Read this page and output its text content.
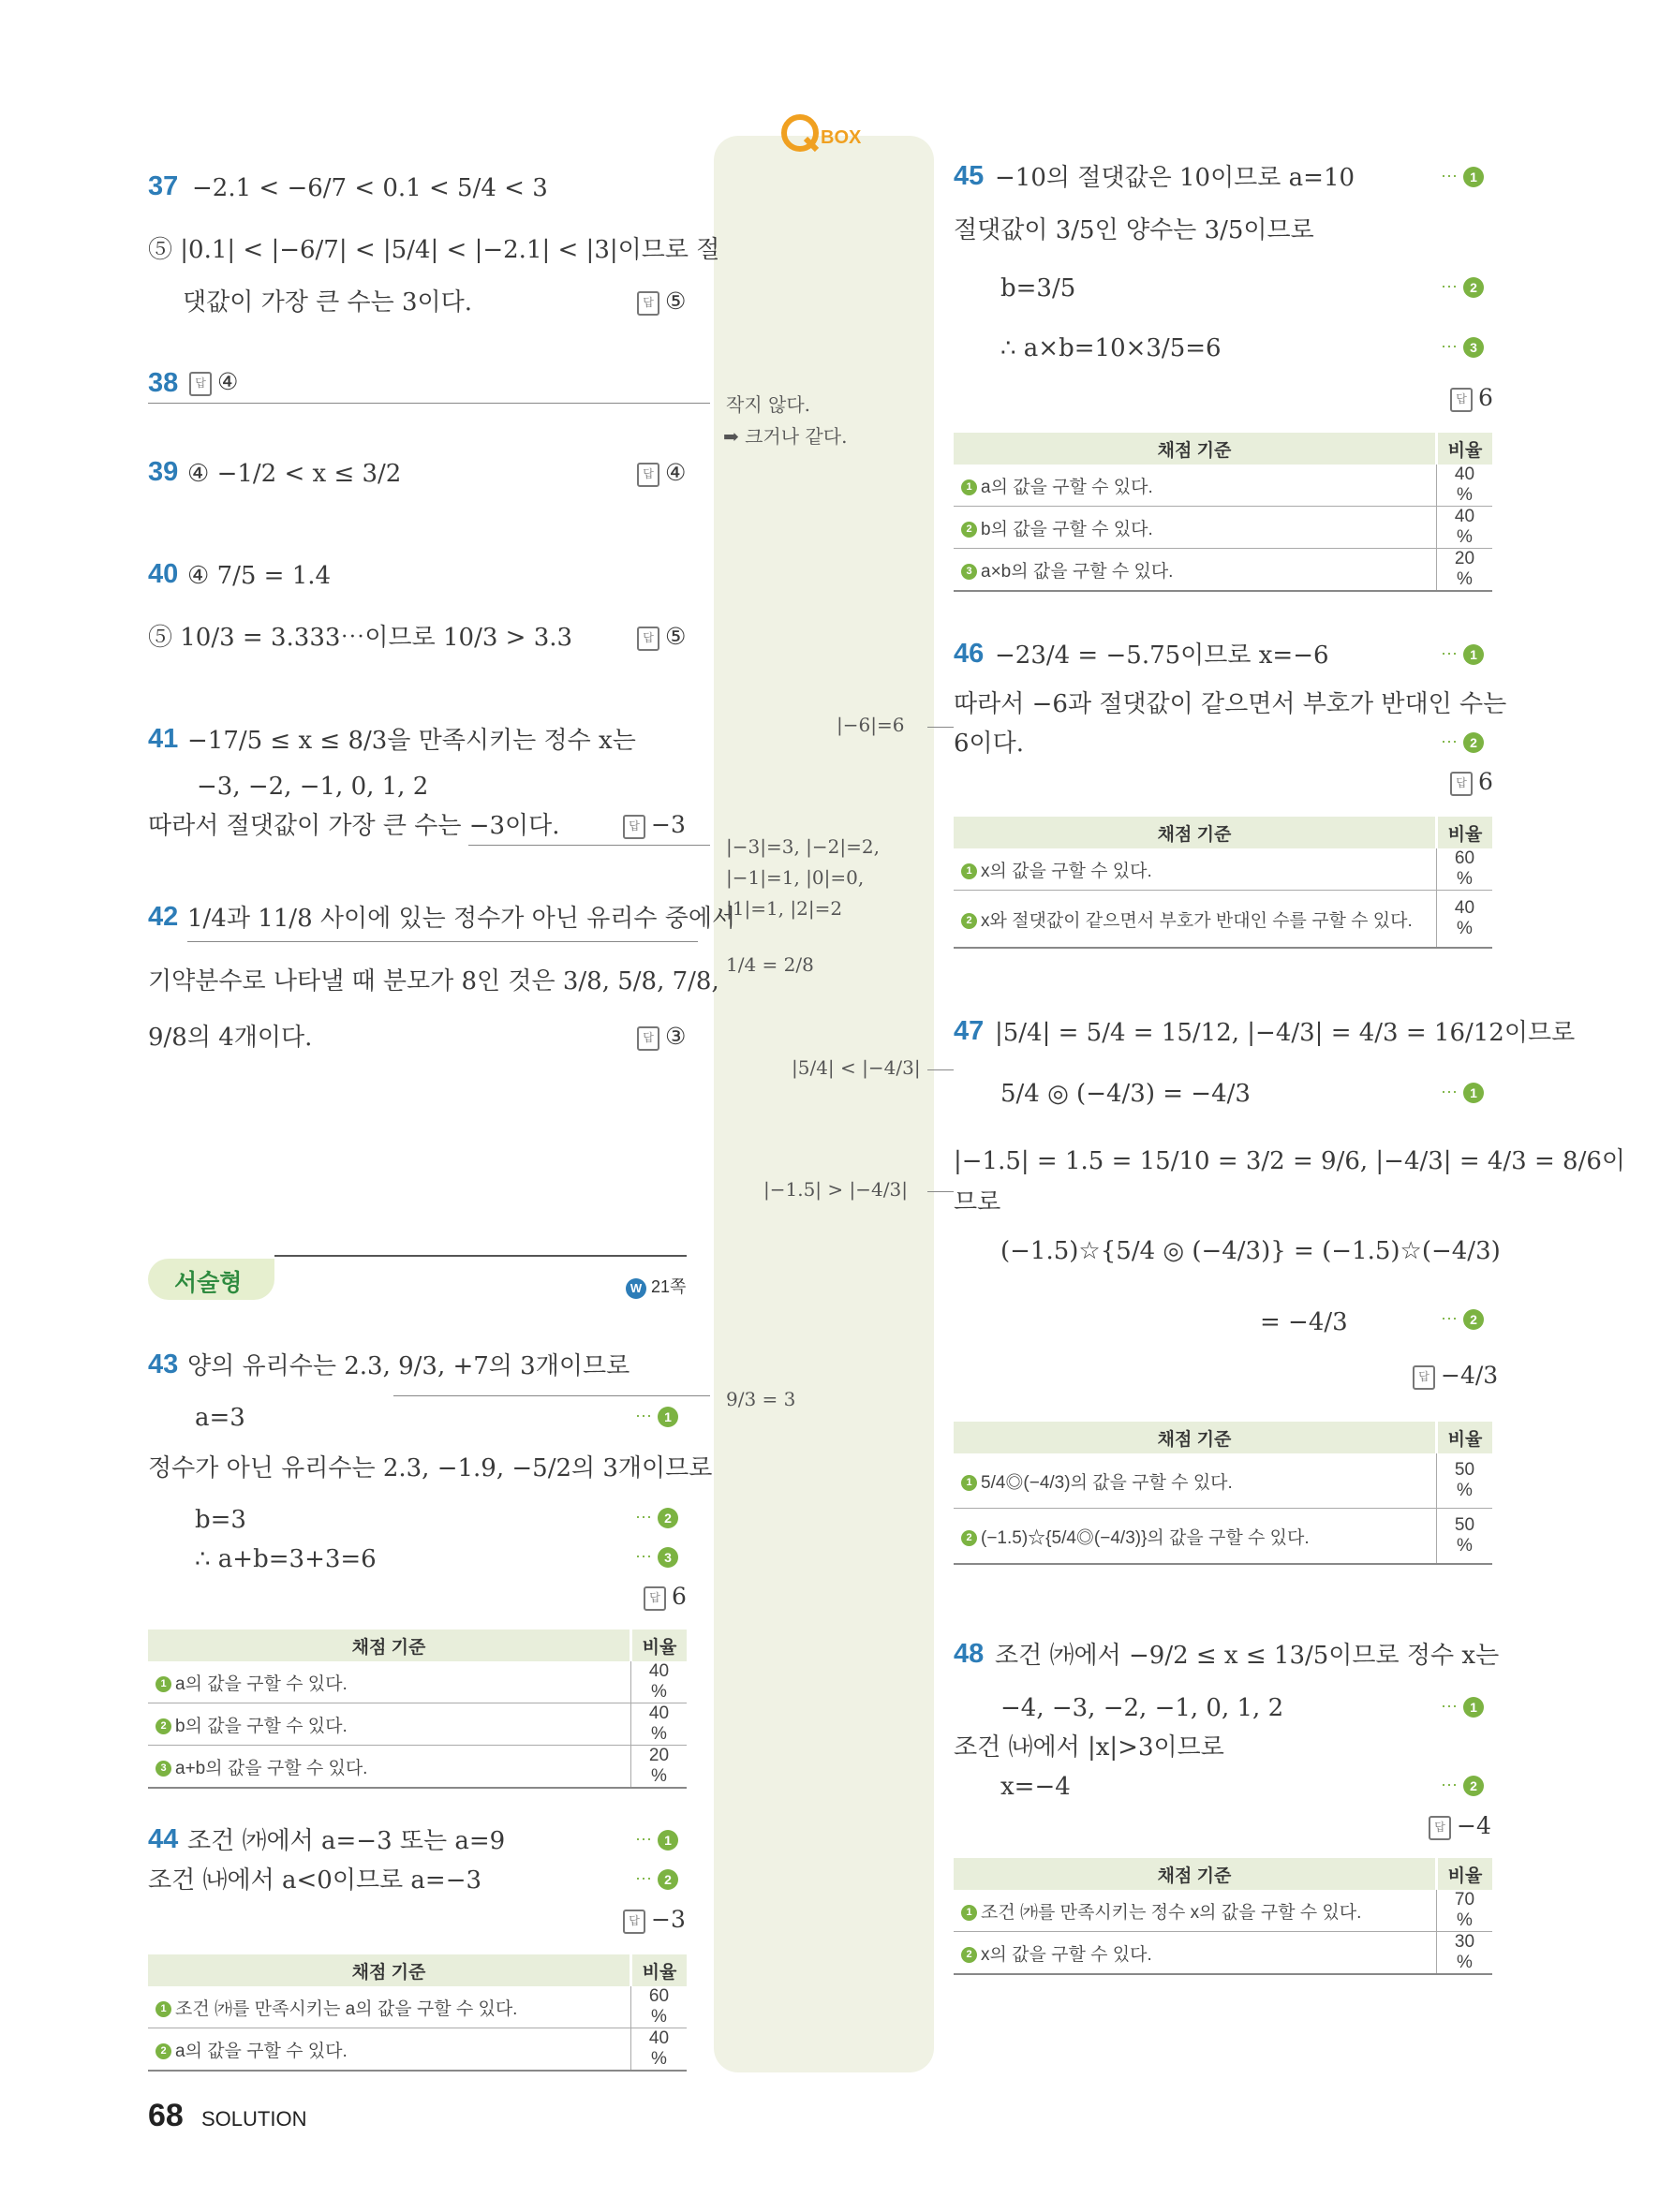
BOX
37 −2.1 < −6/7 < 0.1 < 5/4 < 3
⑤ |0.1| < |−6/7| < |5/4| < |−2.1| < |3|이므로 절
댓값이 가장 큰 수는 3이다.	답 ⑤
38	답 ④
39 ④ −1/2 < x ≤ 3/2	답 ④
40 ④ 7/5 = 1.4
⑤ 10/3 = 3.333⋯이므로 10/3 > 3.3	답 ⑤
41 −17/5 ≤ x ≤ 8/3을 만족시키는 정수 x는
−3, −2, −1, 0, 1, 2
따라서 절댓값이 가장 큰 수는 −3이다.	답 −3
42 1/4과 11/8 사이에 있는 정수가 아닌 유리수 중에서
기약분수로 나타낼 때 분모가 8인 것은 3/8, 5/8, 7/8,
9/8의 4개이다.	답 ③
서술형	W 21쪽
43 양의 유리수는 2.3, 9/3, +7의 3개이므로
a=3	⋯ 1
정수가 아닌 유리수는 2.3, −1.9, −5/2의 3개이므로
b=3	⋯ 2
∴ a+b=3+3=6	⋯ 3
답 6
채점 기준	비율
1 a의 값을 구할 수 있다.	40 %
2 b의 값을 구할 수 있다.	40 %
3 a+b의 값을 구할 수 있다.	20 %
44 조건 ㈎에서 a=−3 또는 a=9	⋯ 1
조건 ㈏에서 a<0이므로 a=−3	⋯ 2
답 −3
채점 기준	비율
1 조건 ㈎를 만족시키는 a의 값을 구할 수 있다.	60 %
2 a의 값을 구할 수 있다.	40 %
68 SOLUTION
작지 않다.
➡ 크거나 같다.
|−6|=6
|−3|=3, |−2|=2,
|−1|=1, |0|=0,
|1|=1, |2|=2
1/4 = 2/8
|5/4| < |−4/3|
|−1.5| > |−4/3|
9/3 = 3
45 −10의 절댓값은 10이므로 a=10	⋯ 1
절댓값이 3/5인 양수는 3/5이므로
b=3/5	⋯ 2
∴ a×b=10×3/5=6	⋯ 3
답 6
채점 기준	비율
1 a의 값을 구할 수 있다.	40 %
2 b의 값을 구할 수 있다.	40 %
3 a×b의 값을 구할 수 있다.	20 %
46 −23/4 = −5.75이므로 x=−6	⋯ 1
따라서 −6과 절댓값이 같으면서 부호가 반대인 수는
6이다.	⋯ 2
답 6
채점 기준	비율
1 x의 값을 구할 수 있다.	60 %
2 x와 절댓값이 같으면서 부호가 반대인 수를 구할 수 있다.	40 %
47 |5/4| = 5/4 = 15/12, |−4/3| = 4/3 = 16/12이므로
5/4 ◎ (−4/3) = −4/3	⋯ 1
|−1.5| = 1.5 = 15/10 = 3/2 = 9/6, |−4/3| = 4/3 = 8/6이
므로
(−1.5)☆{5/4 ◎ (−4/3)} = (−1.5)☆(−4/3)
= −4/3	⋯ 2
답 −4/3
채점 기준	비율
1 5/4◎(−4/3)의 값을 구할 수 있다.	50 %
2 (−1.5)☆{5/4◎(−4/3)}의 값을 구할 수 있다.	50 %
48 조건 ㈎에서 −9/2 ≤ x ≤ 13/5이므로 정수 x는
−4, −3, −2, −1, 0, 1, 2	⋯ 1
조건 ㈏에서 |x|>3이므로
x=−4	⋯ 2
답 −4
채점 기준	비율
1 조건 ㈎를 만족시키는 정수 x의 값을 구할 수 있다.	70 %
2 x의 값을 구할 수 있다.	30 %
